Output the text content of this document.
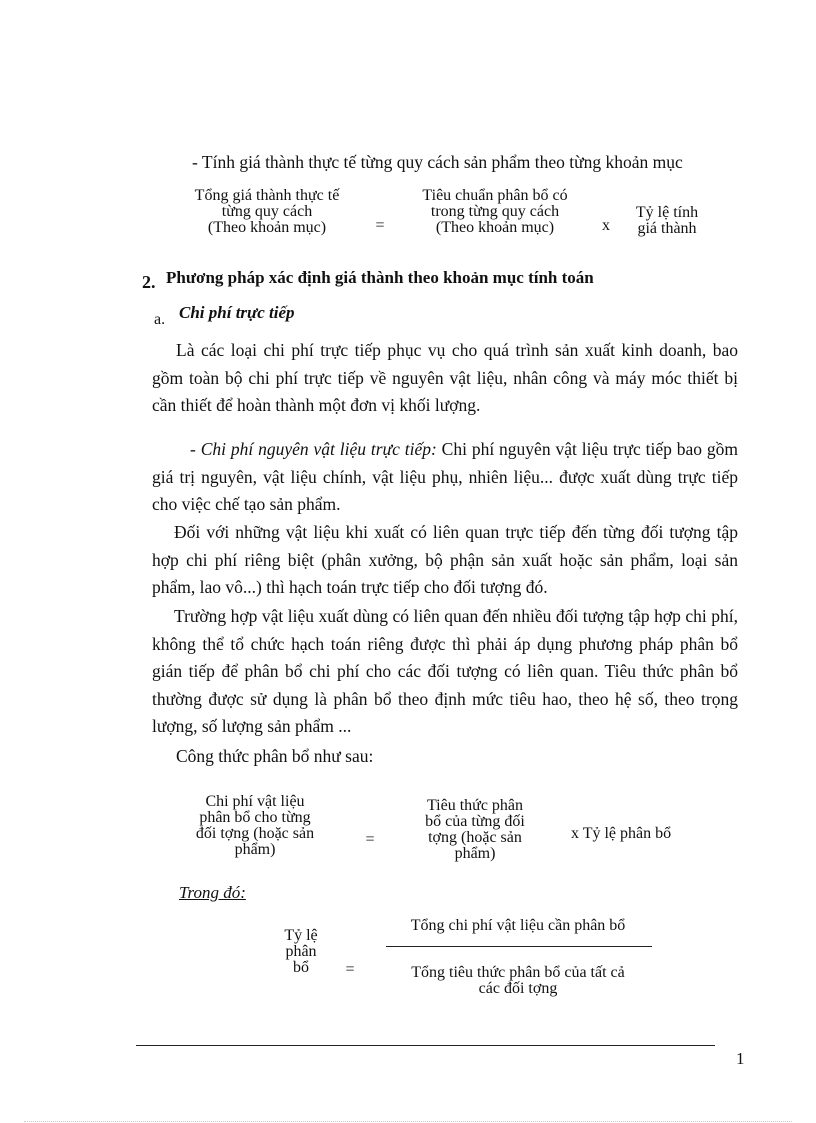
- Tính giá thành thực tế từng quy cách sản phẩm theo từng khoản mục
Tổng giá thành thực tế
từng quy cách
(Theo khoản mục)	=
Tiêu chuẩn phân bổ có
trong từng quy cách
(Theo khoản mục)	x
Tỷ lệ tính
giá thành
2. Phương pháp xác định giá thành theo khoản mục tính toán
a. Chi phí trực tiếp
Là các loại chi phí trực tiếp phục vụ cho quá trình sản xuất kinh doanh, bao gồm toàn bộ chi phí trực tiếp về nguyên vật liệu, nhân công và máy móc thiết bị cần thiết để hoàn thành một đơn vị khối lượng.
- Chi phí nguyên vật liệu trực tiếp: Chi phí nguyên vật liệu trực tiếp bao gồm giá trị nguyên, vật liệu chính, vật liệu phụ, nhiên liệu... được xuất dùng trực tiếp cho việc chế tạo sản phẩm.
Đối với những vật liệu khi xuất có liên quan trực tiếp đến từng đối tượng tập hợp chi phí riêng biệt (phân xưởng, bộ phận sản xuất hoặc sản phẩm, loại sản phẩm, lao vô...) thì hạch toán trực tiếp cho đối tượng đó.
Trường hợp vật liệu xuất dùng có liên quan đến nhiều đối tượng tập hợp chi phí, không thể tổ chức hạch toán riêng được thì phải áp dụng phương pháp phân bổ gián tiếp để phân bổ chi phí cho các đối tượng có liên quan. Tiêu thức phân bổ thường được sử dụng là phân bổ theo định mức tiêu hao, theo hệ số, theo trọng lượng, số lượng sản phẩm ...
Công thức phân bổ như sau:
Chi phí vật liệu
phân bổ cho từng
đối tợng (hoặc sản
phẩm)
=
Tiêu thức phân
bổ của từng đối
tợng (hoặc sản
phẩm)
x Tỷ lệ phân bổ
Trong đó:
Tỷ lệ
phân
bổ	=
Tổng chi phí vật liệu cần phân bổ
Tổng tiêu thức phân bổ của tất cả
các đối tợng
1
